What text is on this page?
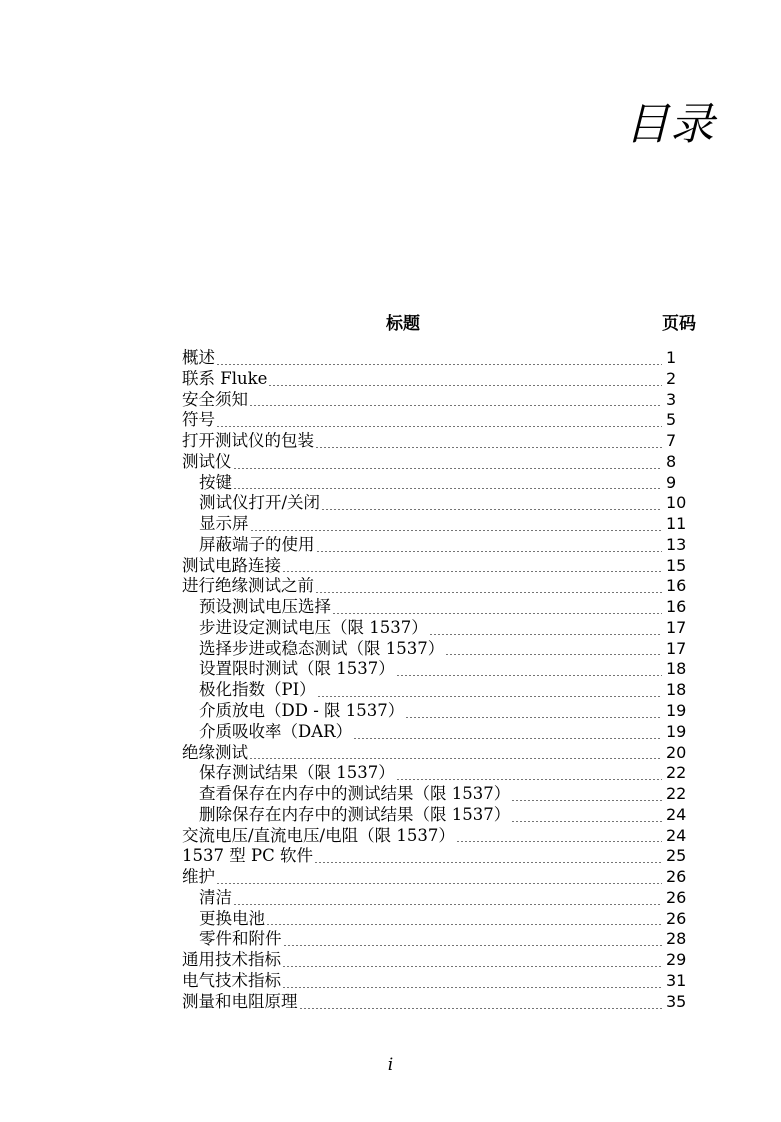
目录
标题	页码
概述	1
联系 Fluke	2
安全须知	3
符号	5
打开测试仪的包装	7
测试仪	8
按键	9
测试仪打开/关闭	10
显示屏	11
屏蔽端子的使用	13
测试电路连接	15
进行绝缘测试之前	16
预设测试电压选择	16
步进设定测试电压（限 1537）	17
选择步进或稳态测试（限 1537）	17
设置限时测试（限 1537）	18
极化指数（PI）	18
介质放电（DD - 限 1537）	19
介质吸收率（DAR）	19
绝缘测试	20
保存测试结果（限 1537）	22
查看保存在内存中的测试结果（限 1537）	22
删除保存在内存中的测试结果（限 1537）	24
交流电压/直流电压/电阻（限 1537）	24
1537 型 PC 软件	25
维护	26
清洁	26
更换电池	26
零件和附件	28
通用技术指标	29
电气技术指标	31
测量和电阻原理	35
i
